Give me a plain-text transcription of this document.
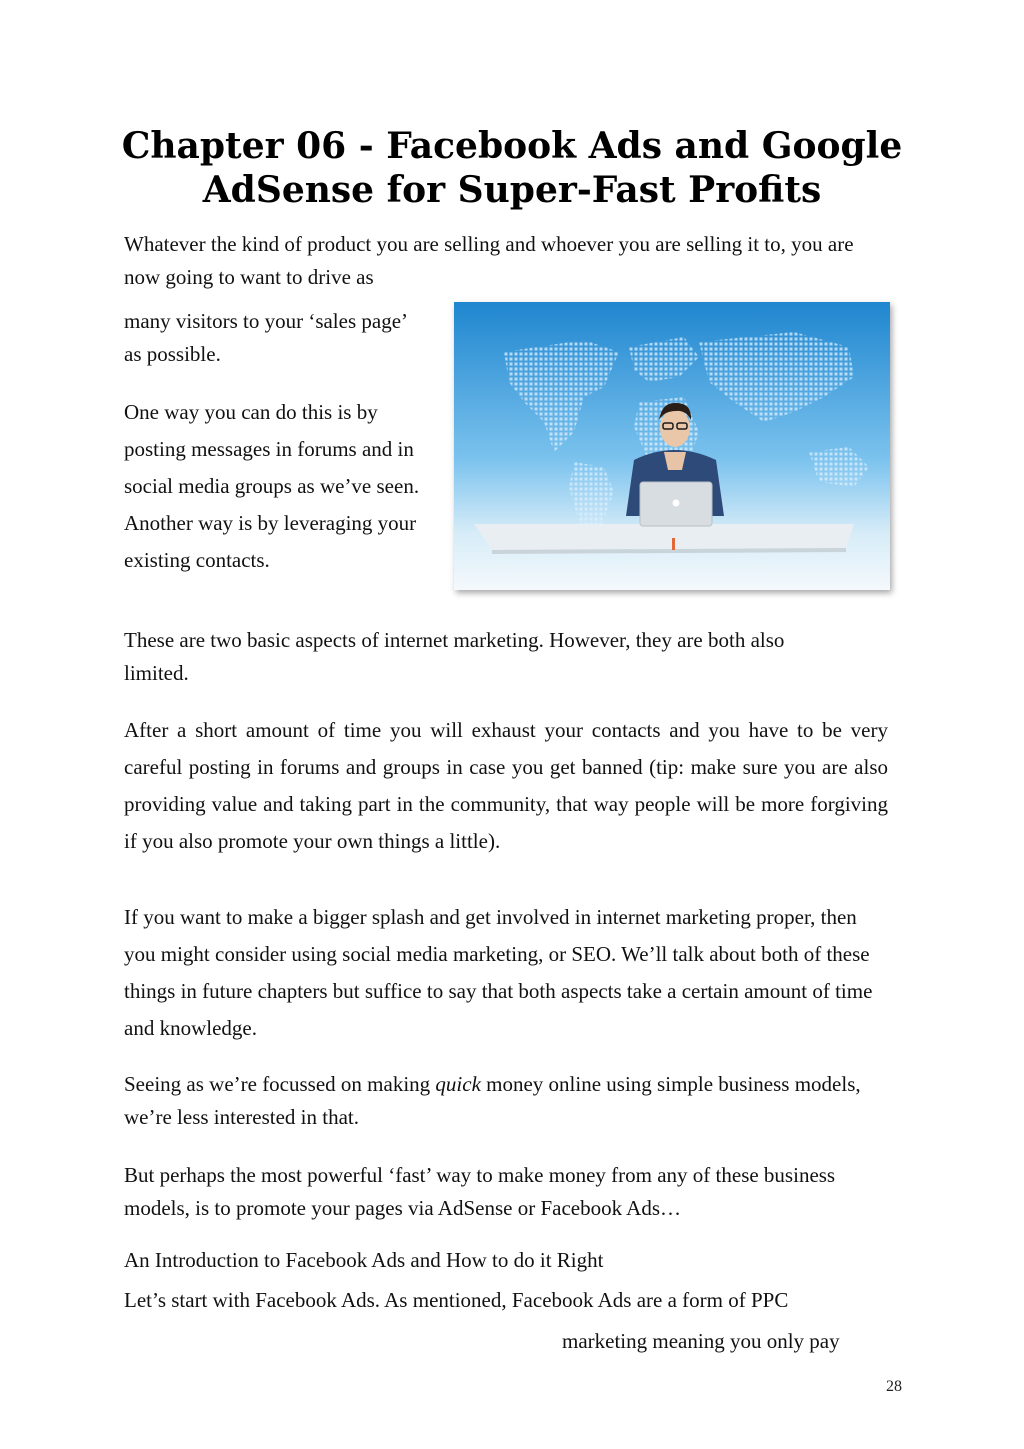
Chapter 06 - Facebook Ads and Google
AdSense for Super-Fast Profits

Whatever the kind of product you are selling and whoever you are selling it to, you are now going to want to drive as

many visitors to your ‘sales page’ as possible.

One way you can do this is by posting messages in forums and in social media groups as we’ve seen. Another way is by leveraging your existing contacts.

These are two basic aspects of internet marketing. However, they are both also limited.

After a short amount of time you will exhaust your contacts and you have to be very careful posting in forums and groups in case you get banned (tip: make sure you are also providing value and taking part in the community, that way people will be more forgiving if you also promote your own things a little).

If you want to make a bigger splash and get involved in internet marketing proper, then you might consider using social media marketing, or SEO. We’ll talk about both of these things in future chapters but suffice to say that both aspects take a certain amount of time and knowledge.

Seeing as we’re focussed on making quick money online using simple business models, we’re less interested in that.

But perhaps the most powerful ‘fast’ way to make money from any of these business models, is to promote your pages via AdSense or Facebook Ads…

An Introduction to Facebook Ads and How to do it Right

Let’s start with Facebook Ads. As mentioned, Facebook Ads are a form of PPC

marketing meaning you only pay

28
